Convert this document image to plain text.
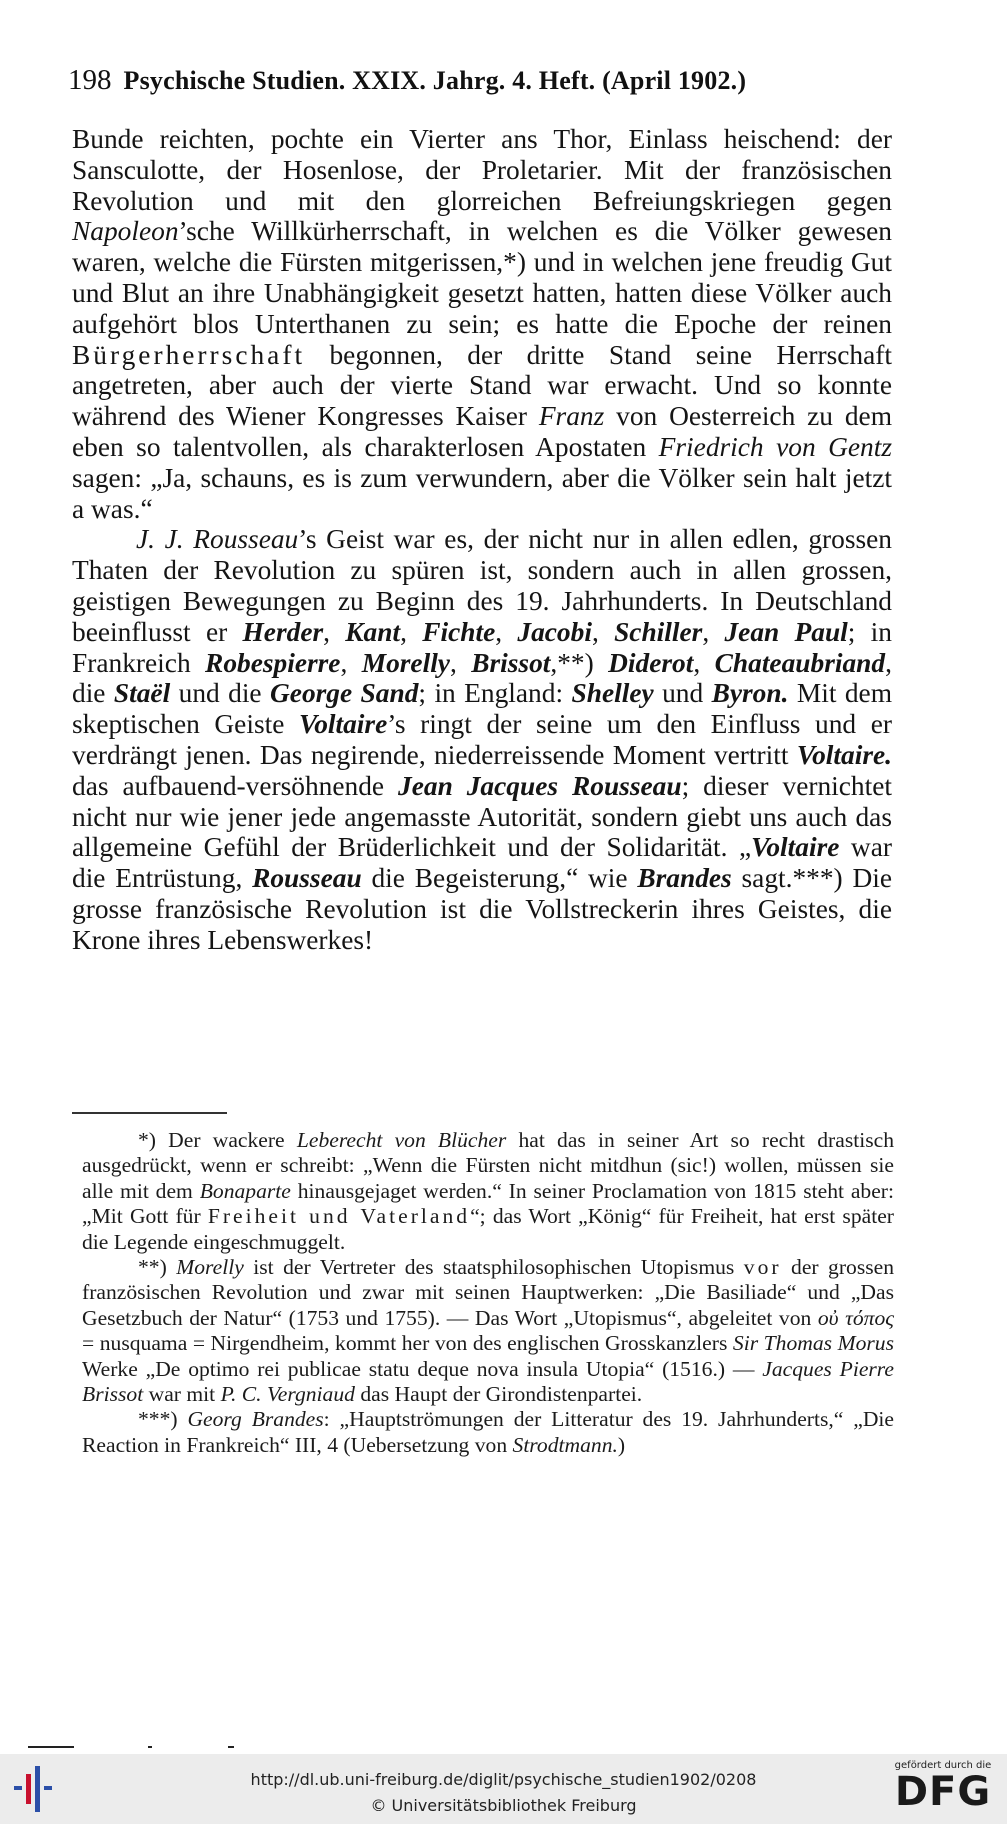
198 Psychische Studien. XXIX. Jahrg. 4. Heft. (April 1902.)

Bunde reichten, pochte ein Vierter ans Thor, Einlass heischend: der Sansculotte, der Hosenlose, der Proletarier. Mit der französischen Revolution und mit den glorreichen Befreiungskriegen gegen Napoleon’sche Willkürherrschaft, in welchen es die Völker gewesen waren, welche die Fürsten mitgerissen,*) und in welchen jene freudig Gut und Blut an ihre Unabhängigkeit gesetzt hatten, hatten diese Völker auch aufgehört blos Unterthanen zu sein; es hatte die Epoche der reinen Bürgerherrschaft begonnen, der dritte Stand seine Herrschaft angetreten, aber auch der vierte Stand war erwacht. Und so konnte während des Wiener Kongresses Kaiser Franz von Oesterreich zu dem eben so talentvollen, als charakterlosen Apostaten Friedrich von Gentz sagen: „Ja, schauns, es is zum verwundern, aber die Völker sein halt jetzt a was.“

J. J. Rousseau’s Geist war es, der nicht nur in allen edlen, grossen Thaten der Revolution zu spüren ist, sondern auch in allen grossen, geistigen Bewegungen zu Beginn des 19. Jahrhunderts. In Deutschland beeinflusst er Herder, Kant, Fichte, Jacobi, Schiller, Jean Paul; in Frankreich Robespierre, Morelly, Brissot,**) Diderot, Chateaubriand, die Staël und die George Sand; in England: Shelley und Byron. Mit dem skeptischen Geiste Voltaire’s ringt der seine um den Einfluss und er verdrängt jenen. Das negirende, niederreissende Moment vertritt Voltaire. das aufbauend-versöhnende Jean Jacques Rousseau; dieser vernichtet nicht nur wie jener jede angemasste Autorität, sondern giebt uns auch das allgemeine Gefühl der Brüderlichkeit und der Solidarität. „Voltaire war die Entrüstung, Rousseau die Begeisterung,“ wie Brandes sagt.***) Die grosse französische Revolution ist die Vollstreckerin ihres Geistes, die Krone ihres Lebenswerkes!

*) Der wackere Leberecht von Blücher hat das in seiner Art so recht drastisch ausgedrückt, wenn er schreibt: „Wenn die Fürsten nicht mitdhun (sic!) wollen, müssen sie alle mit dem Bonaparte hinausgejaget werden.“ In seiner Proclamation von 1815 steht aber: „Mit Gott für Freiheit und Vaterland“; das Wort „König“ für Freiheit, hat erst später die Legende eingeschmuggelt.

**) Morelly ist der Vertreter des staatsphilosophischen Utopismus vor der grossen französischen Revolution und zwar mit seinen Hauptwerken: „Die Basiliade“ und „Das Gesetzbuch der Natur“ (1753 und 1755). — Das Wort „Utopismus“, abgeleitet von οὐ τόπος = nusquama = Nirgendheim, kommt her von des englischen Grosskanzlers Sir Thomas Morus Werke „De optimo rei publicae statu deque nova insula Utopia“ (1516.) — Jacques Pierre Brissot war mit P. C. Vergniaud das Haupt der Girondistenpartei.

***) Georg Brandes: „Hauptströmungen der Litteratur des 19. Jahrhunderts,“ „Die Reaction in Frankreich“ III, 4 (Uebersetzung von Strodtmann.)

http://dl.ub.uni-freiburg.de/diglit/psychische_studien1902/0208
© Universitätsbibliothek Freiburg
gefördert durch die
DFG
